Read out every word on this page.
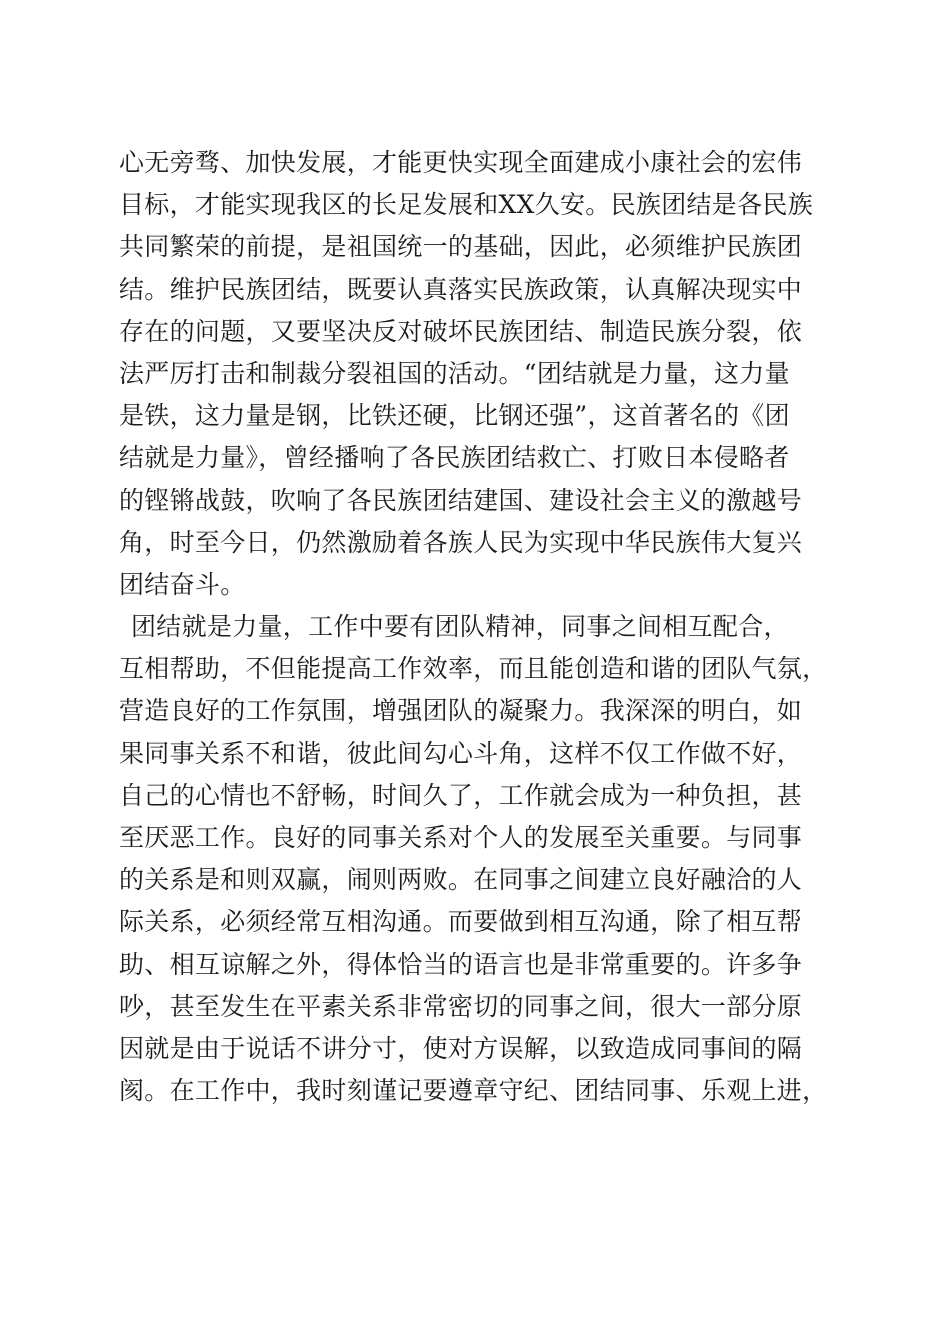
心无旁骛、加快发展，才能更快实现全面建成小康社会的宏伟
目标，才能实现我区的长足发展和XX久安。民族团结是各民族
共同繁荣的前提，是祖国统一的基础，因此，必须维护民族团
结。维护民族团结，既要认真落实民族政策，认真解决现实中
存在的问题，又要坚决反对破坏民族团结、制造民族分裂，依
法严厉打击和制裁分裂祖国的活动。“团结就是力量，这力量
是铁，这力量是钢，比铁还硬，比钢还强”，这首著名的《团
结就是力量》，曾经播响了各民族团结救亡、打败日本侵略者
的铿锵战鼓，吹响了各民族团结建国、建设社会主义的激越号
角，时至今日，仍然激励着各族人民为实现中华民族伟大复兴
团结奋斗。
团结就是力量，工作中要有团队精神，同事之间相互配合，
互相帮助，不但能提高工作效率，而且能创造和谐的团队气氛，
营造良好的工作氛围，增强团队的凝聚力。我深深的明白，如
果同事关系不和谐，彼此间勾心斗角，这样不仅工作做不好，
自己的心情也不舒畅，时间久了，工作就会成为一种负担，甚
至厌恶工作。良好的同事关系对个人的发展至关重要。与同事
的关系是和则双赢，闹则两败。在同事之间建立良好融洽的人
际关系，必须经常互相沟通。而要做到相互沟通，除了相互帮
助、相互谅解之外，得体恰当的语言也是非常重要的。许多争
吵，甚至发生在平素关系非常密切的同事之间，很大一部分原
因就是由于说话不讲分寸，使对方误解，以致造成同事间的隔
阂。在工作中，我时刻谨记要遵章守纪、团结同事、乐观上进，
